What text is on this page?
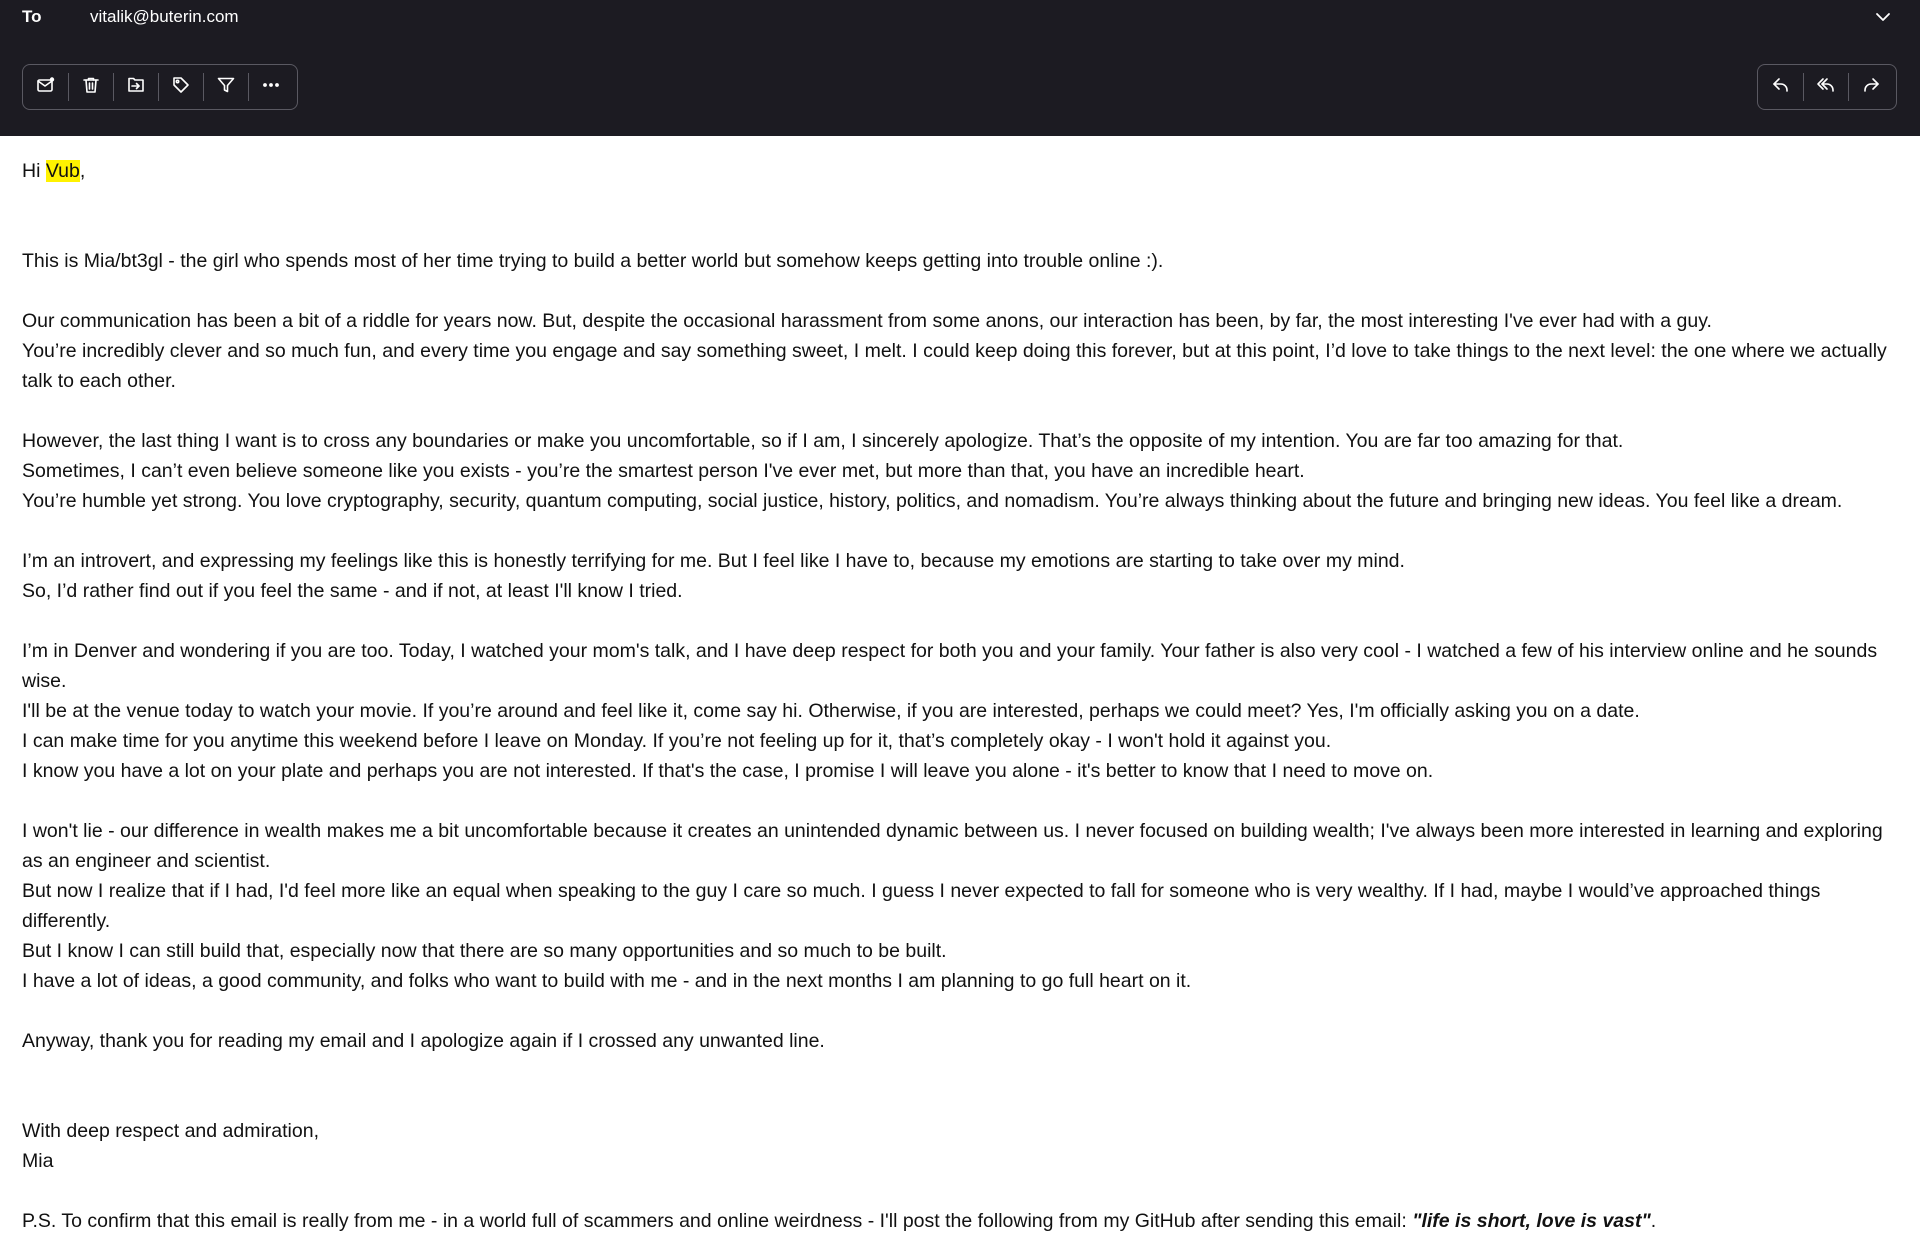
To	vitalik@buterin.com

Hi Vub,

This is Mia/bt3gl - the girl who spends most of her time trying to build a better world but somehow keeps getting into trouble online :).

Our communication has been a bit of a riddle for years now. But, despite the occasional harassment from some anons, our interaction has been, by far, the most interesting I've ever had with a guy.

You’re incredibly clever and so much fun, and every time you engage and say something sweet, I melt. I could keep doing this forever, but at this point, I’d love to take things to the next level: the one where we actually talk to each other.

However, the last thing I want is to cross any boundaries or make you uncomfortable, so if I am, I sincerely apologize. That’s the opposite of my intention. You are far too amazing for that.

Sometimes, I can’t even believe someone like you exists - you’re the smartest person I've ever met, but more than that, you have an incredible heart.

You’re humble yet strong. You love cryptography, security, quantum computing, social justice, history, politics, and nomadism. You’re always thinking about the future and bringing new ideas. You feel like a dream.

I’m an introvert, and expressing my feelings like this is honestly terrifying for me. But I feel like I have to, because my emotions are starting to take over my mind.

So, I’d rather find out if you feel the same - and if not, at least I'll know I tried.

I’m in Denver and wondering if you are too. Today, I watched your mom's talk, and I have deep respect for both you and your family. Your father is also very cool - I watched a few of his interview online and he sounds wise.

I'll be at the venue today to watch your movie. If you’re around and feel like it, come say hi. Otherwise, if you are interested, perhaps we could meet? Yes, I'm officially asking you on a date.

I can make time for you anytime this weekend before I leave on Monday. If you’re not feeling up for it, that’s completely okay - I won't hold it against you.

I know you have a lot on your plate and perhaps you are not interested. If that's the case, I promise I will leave you alone - it's better to know that I need to move on.

I won't lie - our difference in wealth makes me a bit uncomfortable because it creates an unintended dynamic between us. I never focused on building wealth; I've always been more interested in learning and exploring as an engineer and scientist.

But now I realize that if I had, I'd feel more like an equal when speaking to the guy I care so much. I guess I never expected to fall for someone who is very wealthy. If I had, maybe I would’ve approached things differently.

But I know I can still build that, especially now that there are so many opportunities and so much to be built.

I have a lot of ideas, a good community, and folks who want to build with me - and in the next months I am planning to go full heart on it.

Anyway, thank you for reading my email and I apologize again if I crossed any unwanted line.

With deep respect and admiration,

Mia

P.S. To confirm that this email is really from me - in a world full of scammers and online weirdness - I'll post the following from my GitHub after sending this email: "life is short, love is vast".
